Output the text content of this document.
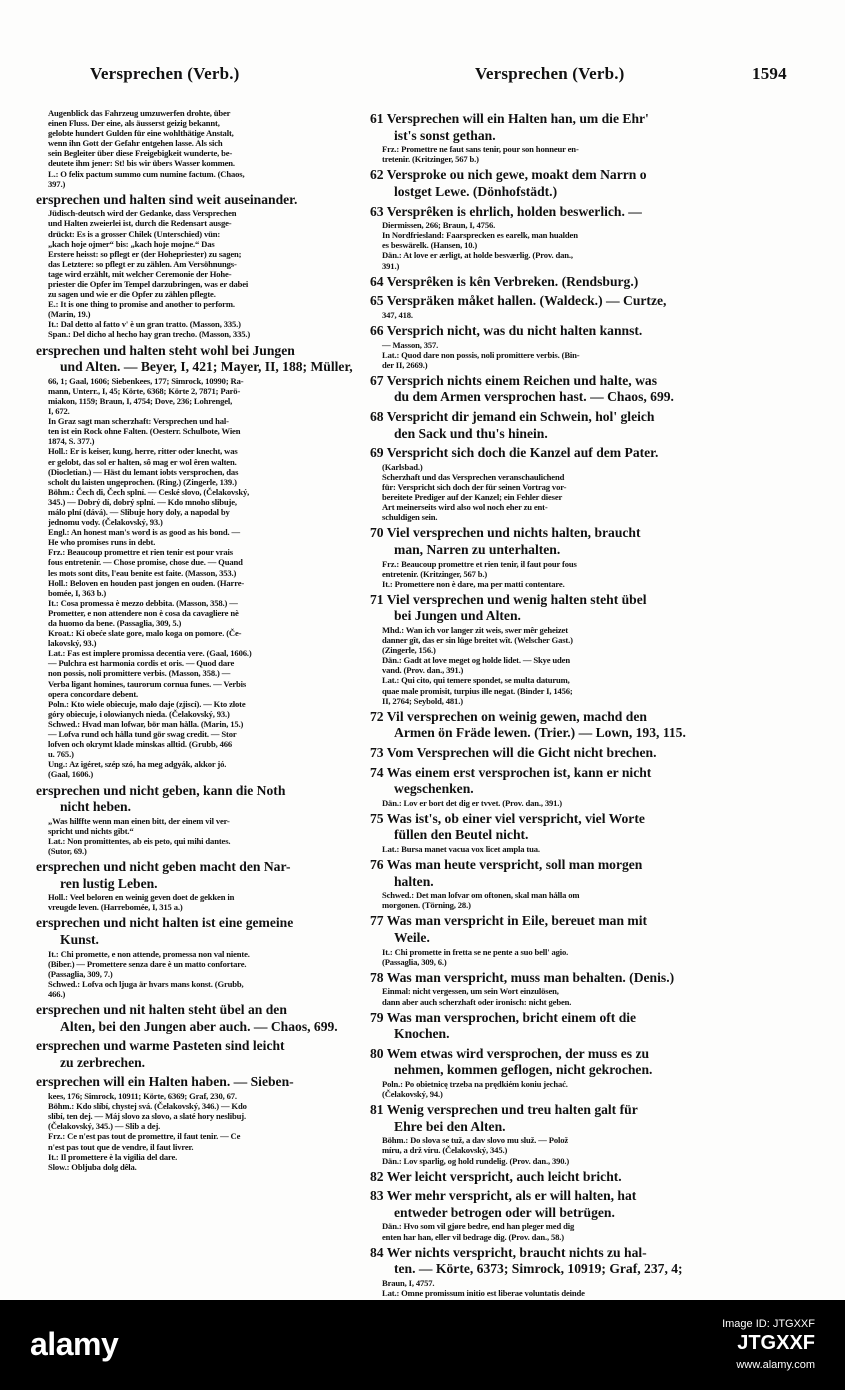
Versprechen (Verb.)	Versprechen (Verb.)	1594
Augenblick das Fahrzeug umzuwerfen drohte, über
einen Fluss. Der eine, als äusserst geizig bekannt,
gelobte hundert Gulden für eine wohlthätige Anstalt,
wenn ihn Gott der Gefahr entgehen lasse. Als sich
sein Begleiter über diese Freigebigkeit wunderte, be-
deutete ihm jener: St! bis wir übers Wasser kommen.
L.: O felix pactum summo cum numine factum. (Chaos,
397.)
ersprechen und halten sind weit auseinander.
Jüdisch-deutsch wird der Gedanke, dass Versprechen
und Halten zweierlei ist, durch die Redensart ausge-
drückt: Es is a grosser Chilek (Unterschied) vün:
„kach hoje ojmer“ bis: „kach hoje mojne.“ Das
Erstere heisst: so pflegt er (der Hohepriester) zu sagen;
das Letztere: so pflegt er zu zählen. Am Versöhnungs-
tage wird erzählt, mit welcher Ceremonie der Hohe-
priester die Opfer im Tempel darzubringen, was er dabei
zu sagen und wie er die Opfer zu zählen pflegte.
E.: It is one thing to promise and another to perform.
(Marin, 19.)
It.: Dal detto al fatto v' è un gran tratto. (Masson, 335.)
Span.: Del dicho al hecho hay gran trecho. (Masson, 335.)
ersprechen und halten steht wohl bei Jungen
und Alten. — Beyer, I, 421; Mayer, II, 188; Müller,
66, 1; Gaal, 1606; Siebenkees, 177; Simrock, 10990; Ra-
mann, Unterr., I, 45; Körte, 6368; Körte 2, 7871; Parö-
miakon, 1159; Braun, I, 4754; Dove, 236; Lohrengel,
I, 672.
In Graz sagt man scherzhaft: Versprechen und hal-
ten ist ein Rock ohne Falten. (Oesterr. Schulbote, Wien
1874, S. 377.)
Holl.: Er is keiser, kung, herre, ritter oder knecht, was
er gelobt, das sol er halten, sô mag er wol êren walten.
(Diocletian.) — Häst du lemant iobts versprochen, das
scholt du laisten ungeprochen. (Ring.) (Zingerle, 139.)
Böhm.: Čech di, Čech splní. — Ceské slovo, (Čelakovský,
345.) — Dobrý dí, dobrý splní. — Kdo mnoho slibuje,
málo plní (dává). — Slibuje hory doly, a napodal by
jednomu vody. (Čelakovský, 93.)
Engl.: An honest man's word is as good as his bond. —
He who promises runs in debt.
Frz.: Beaucoup promettre et rien tenir est pour vrais
fous entretenir. — Chose promise, chose due. — Quand
les mots sont dits, l'eau benite est faite. (Masson, 353.)
Holl.: Beloven en houden past jongen en ouden. (Harre-
bomée, I, 363 b.)
It.: Cosa promessa è mezzo debbita. (Masson, 358.) —
Prometter, e non attendere non è cosa da cavagliere nè
da huomo da bene. (Passaglia, 309, 5.)
Kroat.: Ki obeće slate gore, malo koga on pomore. (Če-
lakovský, 93.)
Lat.: Fas est implere promissa decentia vere. (Gaal, 1606.)
— Pulchra est harmonia cordis et oris. — Quod dare
non possis, noli promittere verbis. (Masson, 358.) —
Verba ligant homines, taurorum cornua funes. — Verbis
opera concordare debent.
Poln.: Kto wiele obiecuje, mało daje (zjiscí). — Kto złote
góry obiecuje, i olowianych nieda. (Čelakovský, 93.)
Schwed.: Hvad man lofwar, bör man hålla. (Marin, 15.)
— Lofva rund och hålla tund gör swag credit. — Stor
lofven och okrymt klade minskas alltid. (Grubb, 466
u. 765.)
Ung.: Az igéret, szép szó, ha meg adgyák, akkor jó.
(Gaal, 1606.)
ersprechen und nicht geben, kann die Noth
nicht heben.
„Was hilffte wenn man einen bitt, der einem vil ver-
spricht und nichts gibt.“
Lat.: Non promittentes, ab eis peto, qui mihi dantes.
(Sutor, 69.)
ersprechen und nicht geben macht den Nar-
ren lustig Leben.
Holl.: Veel beloren en weinig geven doet de gekken in
vreugde leven. (Harrebomée, I, 315 a.)
ersprechen und nicht halten ist eine gemeine
Kunst.
It.: Chi promette, e non attende, promessa non val niente.
(Biber.) — Promettere senza dare è un matto confortare.
(Passaglia, 309, 7.)
Schwed.: Lofva och ljuga är hvars mans konst. (Grubb,
466.)
ersprechen und nit halten steht übel an den
Alten, bei den Jungen aber auch. — Chaos, 699.
ersprechen und warme Pasteten sind leicht
zu zerbrechen.
ersprechen will ein Halten haben. — Sieben-
kees, 176; Simrock, 10911; Körte, 6369; Graf, 230, 67.
Böhm.: Kdo slíbí, chystej svá. (Čelakovský, 346.) — Kdo
slíbí, ten dej. — Máj slovo za slovo, a slaté hory neslibuj.
(Čelakovský, 345.) — Slib a dej.
Frz.: Ce n'est pas tout de promettre, il faut tenir. — Ce
n'est pas tout que de vendre, il faut livrer.
It.: Il promettere è la vigilia del dare.
Slow.: Obljuba dolg dêla.
61 Versprechen will ein Halten han, um die Ehr'
ist's sonst gethan.
Frz.: Promettre ne faut sans tenir, pour son honneur en-
tretenir. (Kritzinger, 567 b.)
62 Versproke ou nich gewe, moakt dem Narrn o
lostget Lewe. (Dönhofstädt.)
63 Versprêken is ehrlich, holden beswerlich. —
Diermissen, 266; Braun, I, 4756.
In Nordfriesland: Faarsprecken es earelk, man hualden
es beswärelk. (Hansen, 10.)
Dän.: At love er ærligt, at holde besværlig. (Prov. dan.,
391.)
64 Versprêken is kên Verbreken. (Rendsburg.)
65 Verspräken måket hallen. (Waldeck.) — Curtze,
347, 418.
66 Versprich nicht, was du nicht halten kannst.
— Masson, 357.
Lat.: Quod dare non possis, noli promittere verbis. (Bin-
der II, 2669.)
67 Versprich nichts einem Reichen und halte, was
du dem Armen versprochen hast. — Chaos, 699.
68 Verspricht dir jemand ein Schwein, hol' gleich
den Sack und thu's hinein.
69 Verspricht sich doch die Kanzel auf dem Pater.
(Karlsbad.)
Scherzhaft und das Versprechen veranschaulichend
für: Verspricht sich doch der für seinen Vortrag vor-
bereitete Prediger auf der Kanzel; ein Fehler dieser
Art meinerseits wird also wol noch eher zu ent-
schuldigen sein.
70 Viel versprechen und nichts halten, braucht
man, Narren zu unterhalten.
Frz.: Beaucoup promettre et rien tenir, il faut pour fous
entretenir. (Kritzinger, 567 b.)
It.: Promettere non è dare, ma per matti contentare.
71 Viel versprechen und wenig halten steht übel
bei Jungen und Alten.
Mhd.: Wan ich vor langer zit weis, swer mêr geheizet
danner gît, das er sin lüge breitet wît. (Welscher Gast.)
(Zingerle, 156.)
Dän.: Gadt at love meget og holde lidet. — Skye uden
vand. (Prov. dan., 391.)
Lat.: Qui cito, qui temere spondet, se multa daturum,
quae male promisit, turpius ille negat. (Binder I, 1456;
II, 2764; Seybold, 481.)
72 Vil versprechen on weinig gewen, machd den
Armen ön Fräde lewen. (Trier.) — Lown, 193, 115.
73 Vom Versprechen will die Gicht nicht brechen.
74 Was einem erst versprochen ist, kann er nicht
wegschenken.
Dän.: Lov er bort det dig er tvvet. (Prov. dan., 391.)
75 Was ist's, ob einer viel verspricht, viel Worte
füllen den Beutel nicht.
Lat.: Bursa manet vacua vox licet ampla tua.
76 Was man heute verspricht, soll man morgen
halten.
Schwed.: Det man lofvar om oftonen, skal man hålla om
morgonen. (Törning, 28.)
77 Was man verspricht in Eile, bereuet man mit
Weile.
It.: Chi promette in fretta se ne pente a suo bell' agio.
(Passaglia, 309, 6.)
78 Was man verspricht, muss man behalten. (Denis.)
Einmal: nicht vergessen, um sein Wort einzulösen,
dann aber auch scherzhaft oder ironisch: nicht geben.
79 Was man versprochen, bricht einem oft die
Knochen.
80 Wem etwas wird versprochen, der muss es zu
nehmen, kommen geflogen, nicht gekrochen.
Poln.: Po obietnicę trzeba na prędkiém koniu jechać.
(Čelakovský, 94.)
81 Wenig versprechen und treu halten galt für
Ehre bei den Alten.
Böhm.: Do slova se tuž, a dav slovo mu služ. — Polož
míru, a drž víru. (Čelakovský, 345.)
Dän.: Lov sparlig, og hold rundelig. (Prov. dan., 390.)
82 Wer leicht verspricht, auch leicht bricht.
83 Wer mehr verspricht, als er will halten, hat
entweder betrogen oder will betrügen.
Dän.: Hvo som vil gjøre bedre, end han pleger med dig
enten har han, eller vil bedrage dig. (Prov. dan., 58.)
84 Wer nichts verspricht, braucht nichts zu hal-
ten. — Körte, 6373; Simrock, 10919; Graf, 237, 4;
Braun, I, 4757.
Lat.: Omne promissum initio est liberae voluntatis deinde
alamy
Image ID: JTGXXF
JTGXXF
www.alamy.com
